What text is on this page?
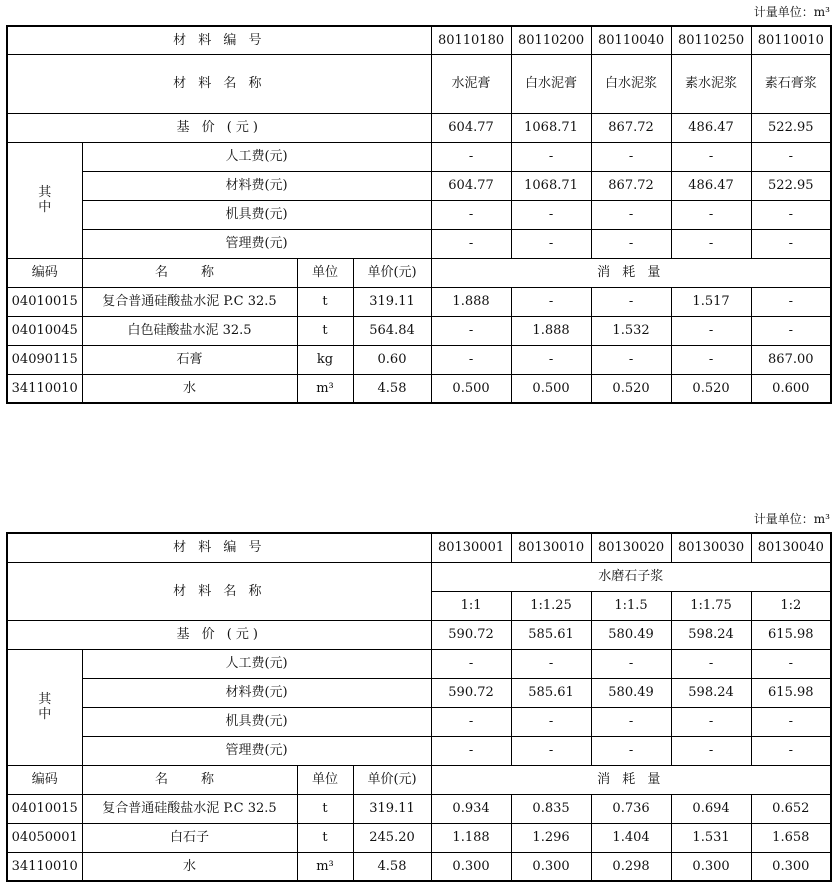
计量单位：m³
材 料 编 号				80110180	80110200	80110040	80110250	80110010
材 料 名 称				水泥膏	白水泥膏	白水泥浆	素水泥浆	素石膏浆
基 价 (元)				604.77	1068.71	867.72	486.47	522.95
其
中	人工费(元)			-	-	-	-	-
	材料费(元)			604.77	1068.71	867.72	486.47	522.95
	机具费(元)			-	-	-	-	-
	管理费(元)			-	-	-	-	-
编码	名　称	单位	单价(元)	消 耗 量				
04010015	复合普通硅酸盐水泥 P.C 32.5	t	319.11	1.888	-	-	1.517	-
04010045	白色硅酸盐水泥 32.5	t	564.84	-	1.888	1.532	-	-
04090115	石膏	kg	0.60	-	-	-	-	867.00
34110010	水	m³	4.58	0.500	0.500	0.520	0.520	0.600
计量单位：m³
材 料 编 号				80130001	80130010	80130020	80130030	80130040
材 料 名 称				水磨石子浆				
				1:1	1:1.25	1:1.5	1:1.75	1:2
基 价 (元)				590.72	585.61	580.49	598.24	615.98
其
中	人工费(元)			-	-	-	-	-
	材料费(元)			590.72	585.61	580.49	598.24	615.98
	机具费(元)			-	-	-	-	-
	管理费(元)			-	-	-	-	-
编码	名　称	单位	单价(元)	消 耗 量				
04010015	复合普通硅酸盐水泥 P.C 32.5	t	319.11	0.934	0.835	0.736	0.694	0.652
04050001	白石子	t	245.20	1.188	1.296	1.404	1.531	1.658
34110010	水	m³	4.58	0.300	0.300	0.298	0.300	0.300
